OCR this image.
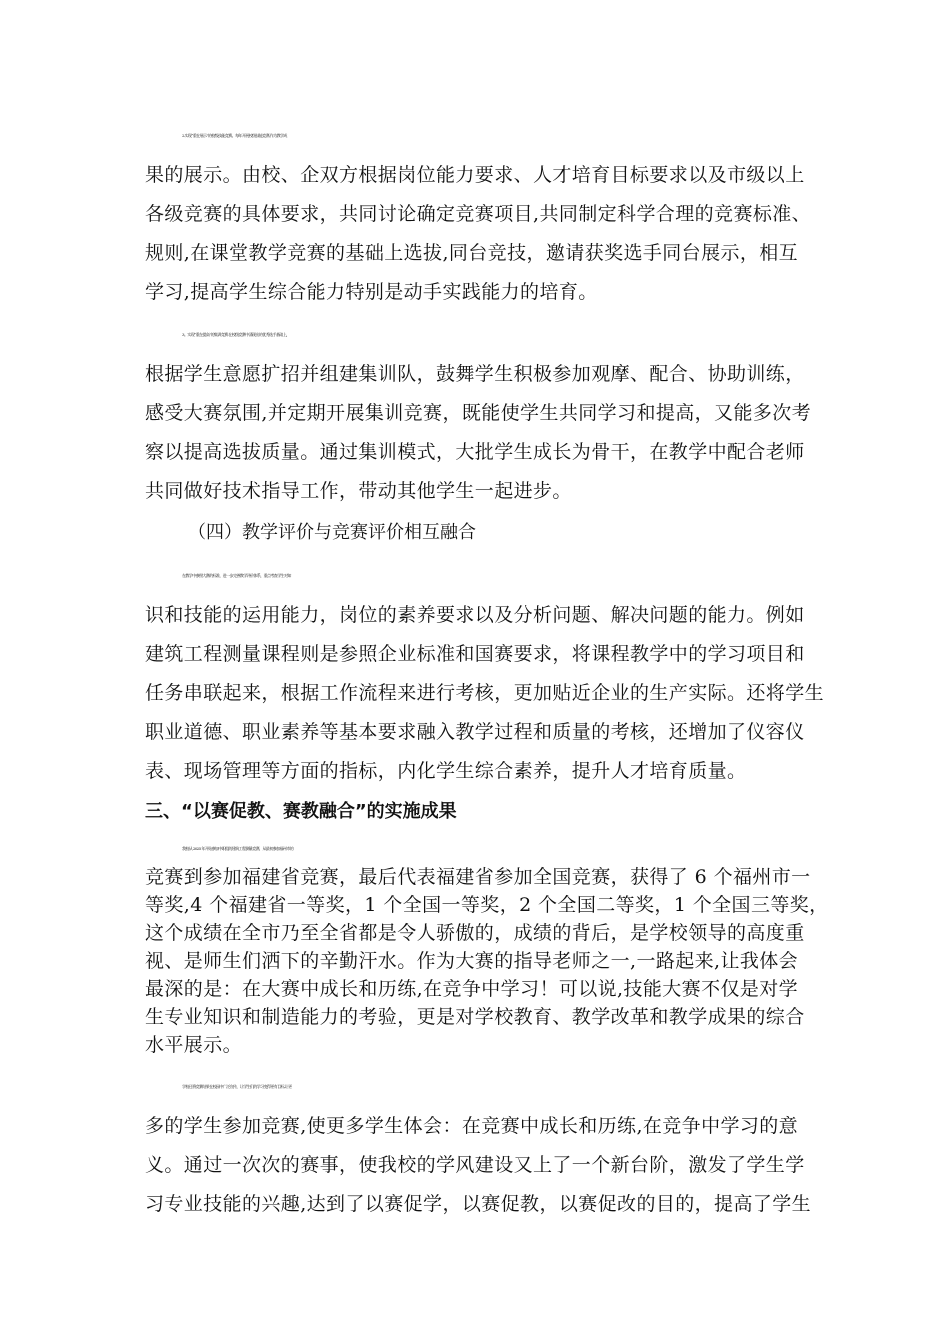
2.实现“重在展示”的校级技能竞赛。每年开展校级技能竞赛,作为教学成
果的展示。由校、企双方根据岗位能力要求、人才培育目标要求以及市级以上
各级竞赛的具体要求，共同讨论确定竞赛项目,共同制定科学合理的竞赛标准、
规则,在课堂教学竞赛的基础上选拔,同台竞技，邀请获奖选手同台展示，相互
学习,提高学生综合能力特别是动手实践能力的培育。
3。实现“重在提高”的集训竞赛.在校级竞赛中涌现出的优秀选手基础上，
根据学生意愿扩招并组建集训队，鼓舞学生积极参加观摩、配合、协助训练，
感受大赛氛围,并定期开展集训竞赛，既能使学生共同学习和提高，又能多次考
察以提高选拔质量。通过集训模式，大批学生成长为骨干，在教学中配合老师
共同做好技术指导工作，带动其他学生一起进步。
（四）教学评价与竞赛评价相互融合
在教学中参照大赛的标准，进一步完善教学评价体系，重点考查学生对知
识和技能的运用能力，岗位的素养要求以及分析问题、解决问题的能力。例如
建筑工程测量课程则是参照企业标准和国赛要求，将课程教学中的学习项目和
任务串联起来，根据工作流程来进行考核，更加贴近企业的生产实际。还将学生
职业道德、职业素养等基本要求融入教学过程和质量的考核，还增加了仪容仪
表、现场管理等方面的指标，内化学生综合素养，提升人才培育质量。
三、“以赛促教、赛教融合”的实施成果
我校从 2025 年开始参加中职组的建筑工程测量竞赛，从最初参加福州市的
竞赛到参加福建省竞赛，最后代表福建省参加全国竞赛，获得了 6 个福州市一
等奖,4 个福建省一等奖，1 个全国一等奖，2 个全国二等奖，1 个全国三等奖，
这个成绩在全市乃至全省都是令人骄傲的，成绩的背后，是学校领导的高度重
视、是师生们洒下的辛勤汗水。作为大赛的指导老师之一,一路起来,让我体会
最深的是：在大赛中成长和历练,在竞争中学习！可以说,技能大赛不仅是对学
生专业知识和制造能力的考验，更是对学校教育、教学改革和教学成果的综合
水平展示。
学校还将竞赛结果在校园中广泛宣传，让学生们的学习变得更有目标,让更
多的学生参加竞赛,使更多学生体会：在竞赛中成长和历练,在竞争中学习的意
义。通过一次次的赛事，使我校的学风建设又上了一个新台阶，激发了学生学
习专业技能的兴趣,达到了以赛促学，以赛促教，以赛促改的目的，提高了学生
